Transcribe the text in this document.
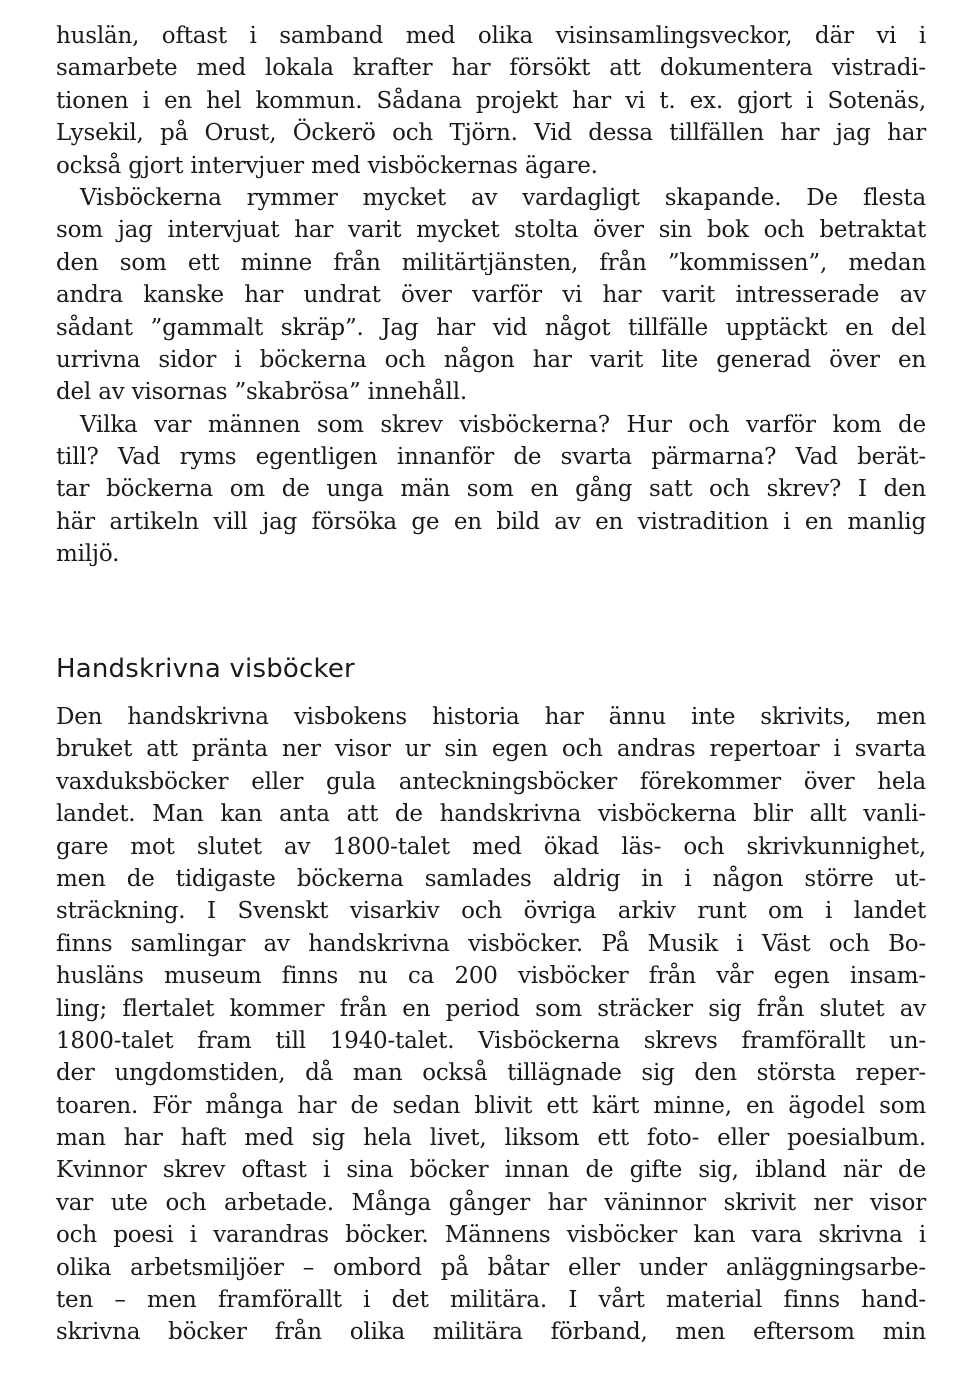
huslän, oftast i samband med olika visinsamlingsveckor, där vi i
samarbete med lokala krafter har försökt att dokumentera vistradi-
tionen i en hel kommun. Sådana projekt har vi t. ex. gjort i Sotenäs,
Lysekil, på Orust, Öckerö och Tjörn. Vid dessa tillfällen har jag har
också gjort intervjuer med visböckernas ägare.
Visböckerna rymmer mycket av vardagligt skapande. De flesta
som jag intervjuat har varit mycket stolta över sin bok och betraktat
den som ett minne från militärtjänsten, från ”kommissen”, medan
andra kanske har undrat över varför vi har varit intresserade av
sådant ”gammalt skräp”. Jag har vid något tillfälle upptäckt en del
urrivna sidor i böckerna och någon har varit lite generad över en
del av visornas ”skabrösa” innehåll.
Vilka var männen som skrev visböckerna? Hur och varför kom de
till? Vad ryms egentligen innanför de svarta pärmarna? Vad berät-
tar böckerna om de unga män som en gång satt och skrev? I den
här artikeln vill jag försöka ge en bild av en vistradition i en manlig
miljö.
Handskrivna visböcker
Den handskrivna visbokens historia har ännu inte skrivits, men
bruket att pränta ner visor ur sin egen och andras repertoar i svarta
vaxduksböcker eller gula anteckningsböcker förekommer över hela
landet. Man kan anta att de handskrivna visböckerna blir allt vanli-
gare mot slutet av 1800-talet med ökad läs- och skrivkunnighet,
men de tidigaste böckerna samlades aldrig in i någon större ut-
sträckning. I Svenskt visarkiv och övriga arkiv runt om i landet
finns samlingar av handskrivna visböcker. På Musik i Väst och Bo-
husläns museum finns nu ca 200 visböcker från vår egen insam-
ling; flertalet kommer från en period som sträcker sig från slutet av
1800-talet fram till 1940-talet. Visböckerna skrevs framförallt un-
der ungdomstiden, då man också tillägnade sig den största reper-
toaren. För många har de sedan blivit ett kärt minne, en ägodel som
man har haft med sig hela livet, liksom ett foto- eller poesialbum.
Kvinnor skrev oftast i sina böcker innan de gifte sig, ibland när de
var ute och arbetade. Många gånger har väninnor skrivit ner visor
och poesi i varandras böcker. Männens visböcker kan vara skrivna i
olika arbetsmiljöer – ombord på båtar eller under anläggningsarbe-
ten – men framförallt i det militära. I vårt material finns hand-
skrivna böcker från olika militära förband, men eftersom min
